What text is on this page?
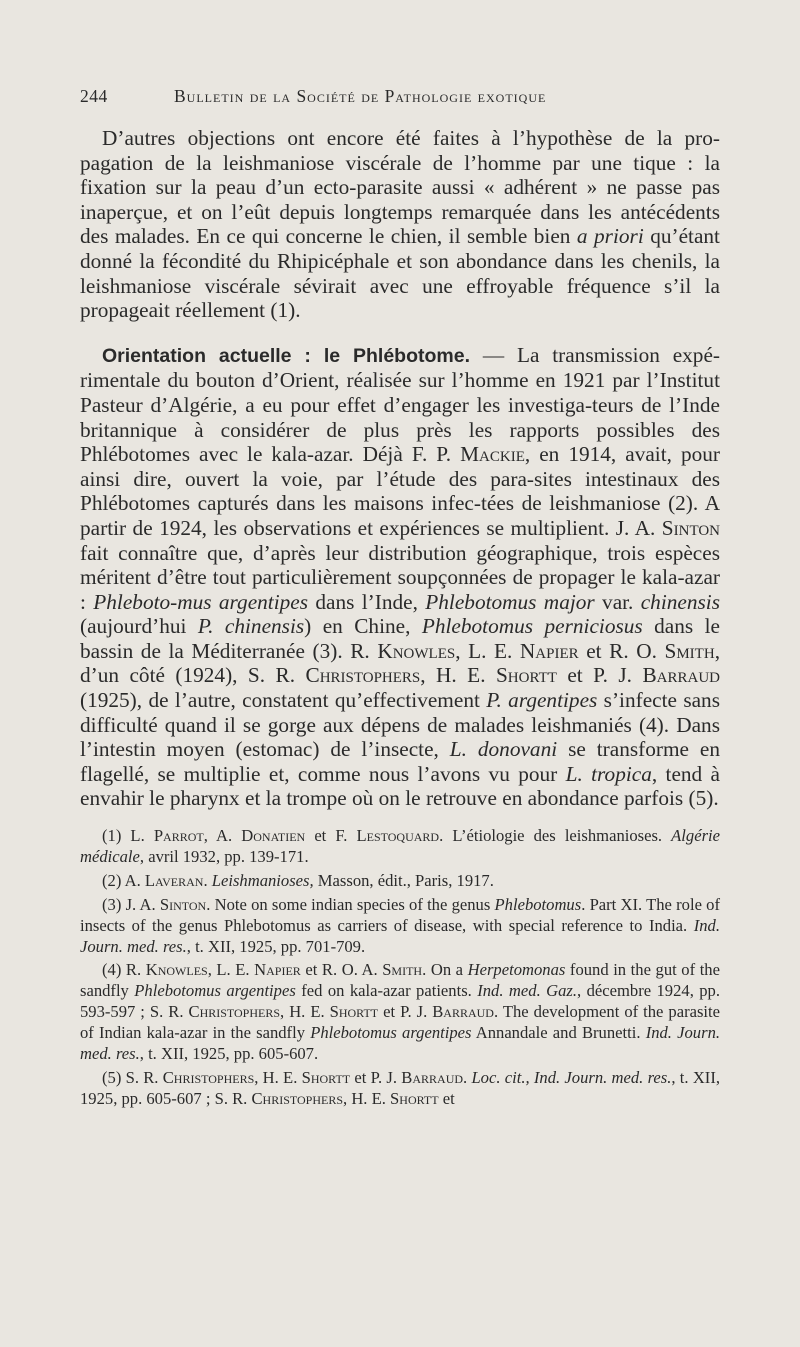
244	Bulletin de la Société de Pathologie exotique

D’autres objections ont encore été faites à l’hypothèse de la pro-pagation de la leishmaniose viscérale de l’homme par une tique : la fixation sur la peau d’un ecto-parasite aussi « adhérent » ne passe pas inaperçue, et on l’eût depuis longtemps remarquée dans les antécédents des malades. En ce qui concerne le chien, il semble bien a priori qu’étant donné la fécondité du Rhipicéphale et son abondance dans les chenils, la leishmaniose viscérale sévirait avec une effroyable fréquence s’il la propageait réellement (1).

Orientation actuelle : le Phlébotome. — La transmission expé-rimentale du bouton d’Orient, réalisée sur l’homme en 1921 par l’Institut Pasteur d’Algérie, a eu pour effet d’engager les investiga-teurs de l’Inde britannique à considérer de plus près les rapports possibles des Phlébotomes avec le kala-azar. Déjà F. P. Mackie, en 1914, avait, pour ainsi dire, ouvert la voie, par l’étude des para-sites intestinaux des Phlébotomes capturés dans les maisons infec-tées de leishmaniose (2). A partir de 1924, les observations et expériences se multiplient. J. A. Sinton fait connaître que, d’après leur distribution géographique, trois espèces méritent d’être tout particulièrement soupçonnées de propager le kala-azar : Phleboto-mus argentipes dans l’Inde, Phlebotomus major var. chinensis (aujourd’hui P. chinensis) en Chine, Phlebotomus perniciosus dans le bassin de la Méditerranée (3). R. Knowles, L. E. Napier et R. O. Smith, d’un côté (1924), S. R. Christophers, H. E. Shortt et P. J. Barraud (1925), de l’autre, constatent qu’effectivement P. argentipes s’infecte sans difficulté quand il se gorge aux dépens de malades leishmaniés (4). Dans l’intestin moyen (estomac) de l’insecte, L. donovani se transforme en flagellé, se multiplie et, comme nous l’avons vu pour L. tropica, tend à envahir le pharynx et la trompe où on le retrouve en abondance parfois (5).

(1) L. Parrot, A. Donatien et F. Lestoquard. L’étiologie des leishmanioses. Algérie médicale, avril 1932, pp. 139-171.

(2) A. Laveran. Leishmanioses, Masson, édit., Paris, 1917.

(3) J. A. Sinton. Note on some indian species of the genus Phlebotomus. Part XI. The role of insects of the genus Phlebotomus as carriers of disease, with special reference to India. Ind. Journ. med. res., t. XII, 1925, pp. 701-709.

(4) R. Knowles, L. E. Napier et R. O. A. Smith. On a Herpetomonas found in the gut of the sandfly Phlebotomus argentipes fed on kala-azar patients. Ind. med. Gaz., décembre 1924, pp. 593-597 ; S. R. Christophers, H. E. Shortt et P. J. Barraud. The development of the parasite of Indian kala-azar in the sandfly Phlebotomus argentipes Annandale and Brunetti. Ind. Journ. med. res., t. XII, 1925, pp. 605-607.

(5) S. R. Christophers, H. E. Shortt et P. J. Barraud. Loc. cit., Ind. Journ. med. res., t. XII, 1925, pp. 605-607 ; S. R. Christophers, H. E. Shortt et
